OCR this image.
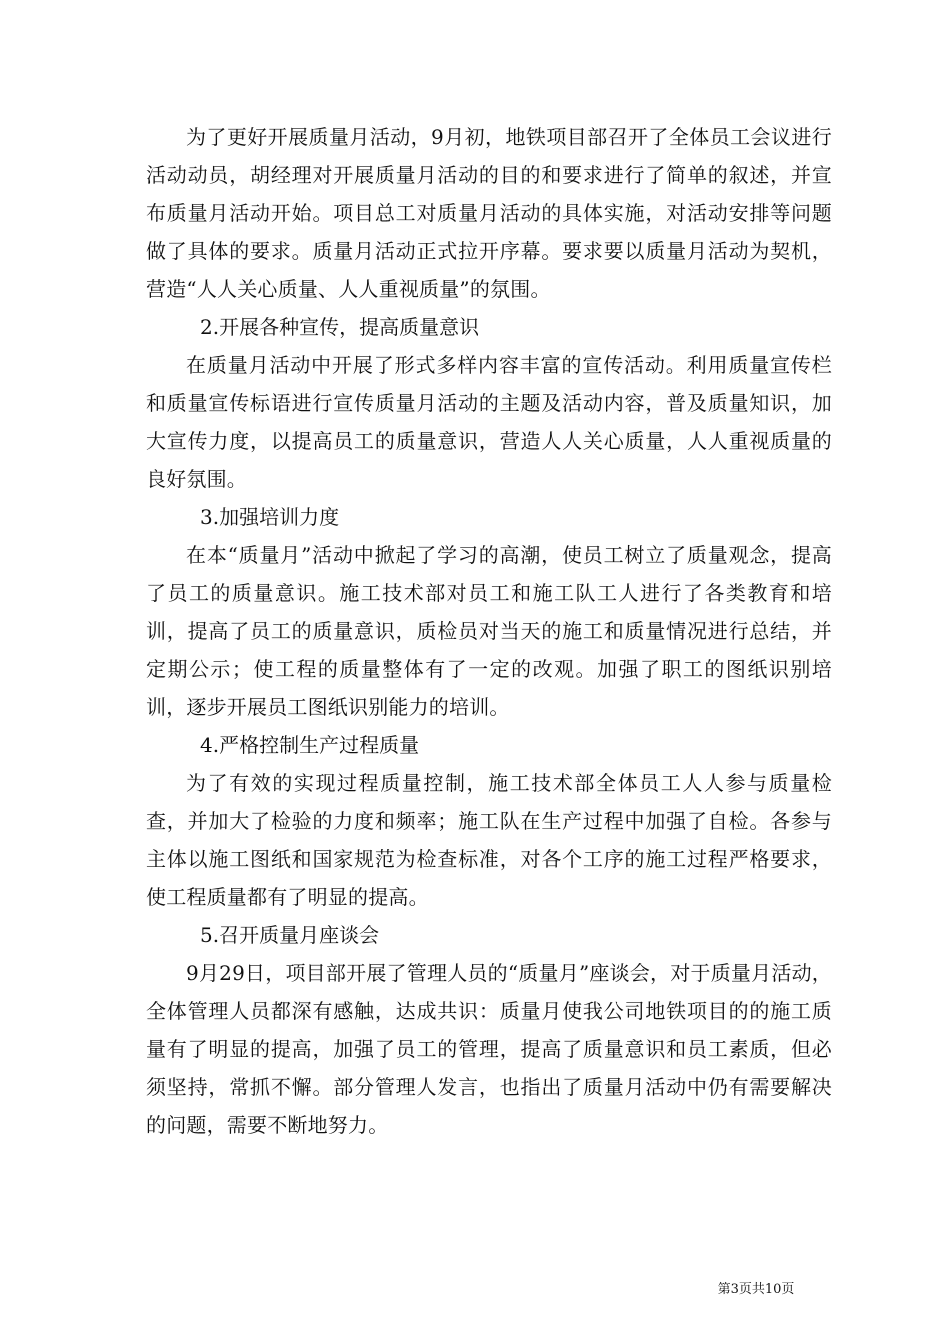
为了更好开展质量月活动，9月初，地铁项目部召开了全体员工会议进行活动动员，胡经理对开展质量月活动的目的和要求进行了简单的叙述，并宣布质量月活动开始。项目总工对质量月活动的具体实施，对活动安排等问题做了具体的要求。质量月活动正式拉开序幕。要求要以质量月活动为契机，营造“人人关心质量、人人重视质量”的氛围。

2.开展各种宣传，提高质量意识

在质量月活动中开展了形式多样内容丰富的宣传活动。利用质量宣传栏和质量宣传标语进行宣传质量月活动的主题及活动内容，普及质量知识，加大宣传力度，以提高员工的质量意识，营造人人关心质量，人人重视质量的良好氛围。

3.加强培训力度

在本“质量月”活动中掀起了学习的高潮，使员工树立了质量观念，提高了员工的质量意识。施工技术部对员工和施工队工人进行了各类教育和培训，提高了员工的质量意识，质检员对当天的施工和质量情况进行总结，并定期公示；使工程的质量整体有了一定的改观。加强了职工的图纸识别培训，逐步开展员工图纸识别能力的培训。

4.严格控制生产过程质量

为了有效的实现过程质量控制，施工技术部全体员工人人参与质量检查，并加大了检验的力度和频率；施工队在生产过程中加强了自检。各参与主体以施工图纸和国家规范为检查标准，对各个工序的施工过程严格要求，使工程质量都有了明显的提高。

5.召开质量月座谈会

9月29日，项目部开展了管理人员的“质量月”座谈会，对于质量月活动，全体管理人员都深有感触，达成共识：质量月使我公司地铁项目的的施工质量有了明显的提高，加强了员工的管理，提高了质量意识和员工素质，但必须坚持，常抓不懈。部分管理人发言，也指出了质量月活动中仍有需要解决的问题，需要不断地努力。

第3页共10页
